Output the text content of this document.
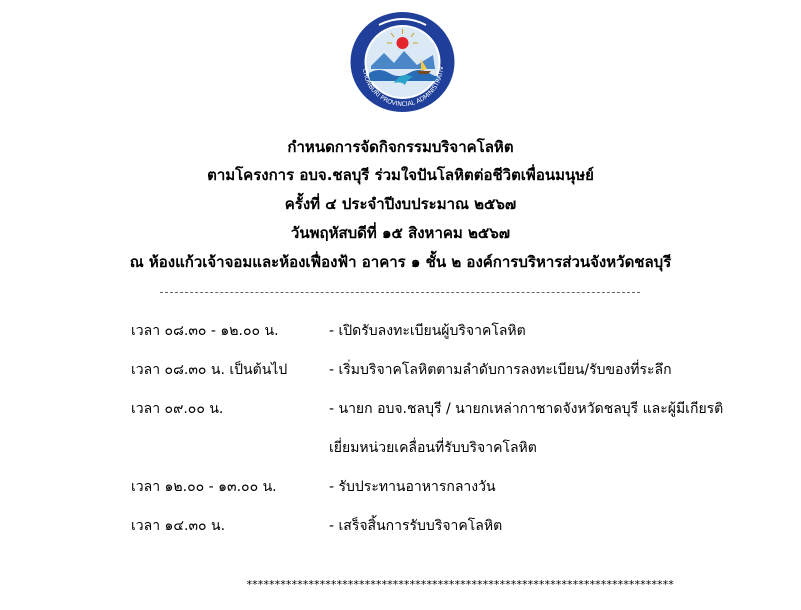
CHONBURI PROVINCIAL ADMINISTRATIV
กำหนดการจัดกิจกรรมบริจาคโลหิต
ตามโครงการ อบจ.ชลบุรี ร่วมใจปันโลหิตต่อชีวิตเพื่อนมนุษย์
ครั้งที่ ๔ ประจำปีงบประมาณ ๒๕๖๗
วันพฤหัสบดีที่ ๑๕ สิงหาคม ๒๕๖๗
ณ ห้องแก้วเจ้าจอมและห้องเฟื่องฟ้า อาคาร ๑ ชั้น ๒ องค์การบริหารส่วนจังหวัดชลบุรี
เวลา ๐๘.๓๐ - ๑๒.๐๐ น.	- เปิดรับลงทะเบียนผู้บริจาคโลหิต
เวลา ๐๘.๓๐ น. เป็นต้นไป	- เริ่มบริจาคโลหิตตามลำดับการลงทะเบียน/รับของที่ระลึก
เวลา ๐๙.๐๐ น.	- นายก อบจ.ชลบุรี / นายกเหล่ากาชาดจังหวัดชลบุรี และผู้มีเกียรติ
เยี่ยมหน่วยเคลื่อนที่รับบริจาคโลหิต
เวลา ๑๒.๐๐ - ๑๓.๐๐ น.	- รับประทานอาหารกลางวัน
เวลา ๑๔.๓๐ น.	- เสร็จสิ้นการรับบริจาคโลหิต
****************************************************************************
